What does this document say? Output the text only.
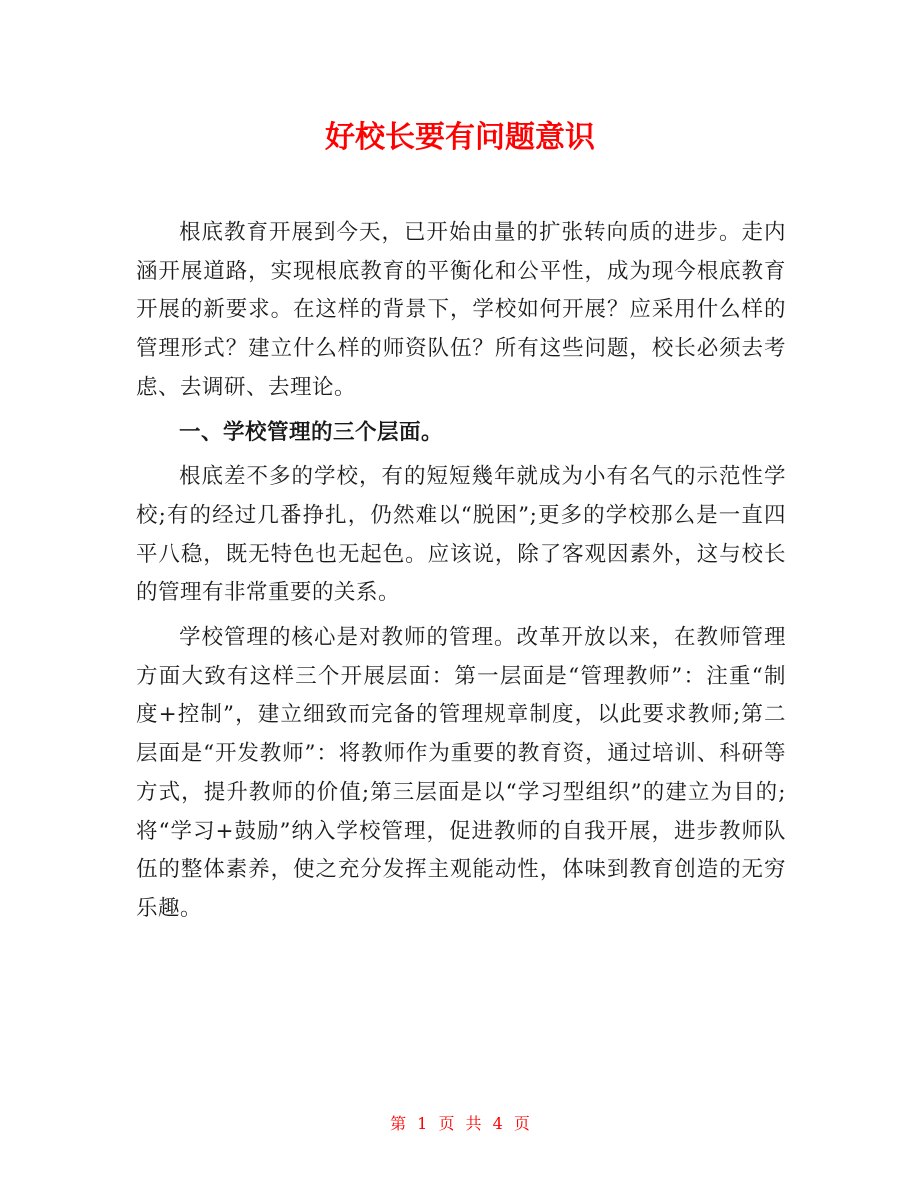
好校长要有问题意识

根底教育开展到今天，已开始由量的扩张转向质的进步。走内涵开展道路，实现根底教育的平衡化和公平性，成为现今根底教育开展的新要求。在这样的背景下，学校如何开展？应采用什么样的管理形式？建立什么样的师资队伍？所有这些问题，校长必须去考虑、去调研、去理论。

一、学校管理的三个层面。

根底差不多的学校，有的短短幾年就成为小有名气的示范性学校;有的经过几番挣扎，仍然难以“脱困”;更多的学校那么是一直四平八稳，既无特色也无起色。应该说，除了客观因素外，这与校长的管理有非常重要的关系。

学校管理的核心是对教师的管理。改革开放以来，在教师管理方面大致有这样三个开展层面：第一层面是“管理教师”：注重“制度+控制”，建立细致而完备的管理规章制度，以此要求教师;第二层面是“开发教师”：将教师作为重要的教育资，通过培训、科研等方式，提升教师的价值;第三层面是以“学习型组织”的建立为目的;将“学习+鼓励”纳入学校管理，促进教师的自我开展，进步教师队伍的整体素养，使之充分发挥主观能动性，体味到教育创造的无穷乐趣。

第 1 页 共 4 页
